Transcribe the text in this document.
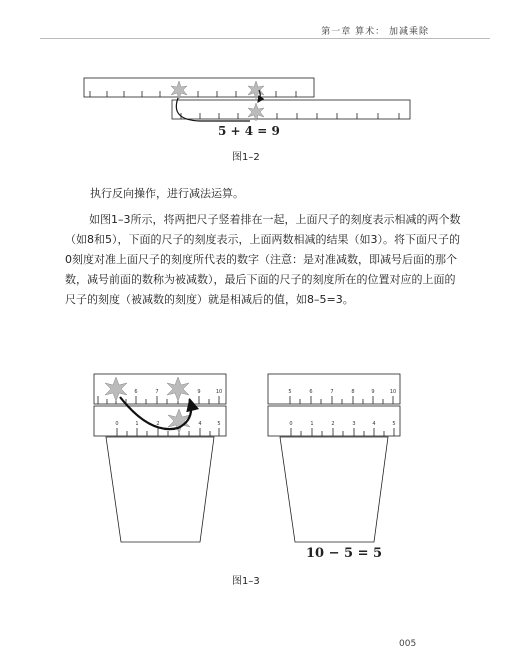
第一章 算术： 加减乘除
6	7	9	10
0	1	2	4	5
5	6	7	8	9	10
0	1	2	3	4	5
5 + 4 = 9
图1–2
执行反向操作，进行减法运算。
如图1–3所示，将两把尺子竖着排在一起，上面尺子的刻度表示相减的两个数（如8和5），下面的尺子的刻度表示，上面两数相减的结果（如3）。将下面尺子的0刻度对准上面尺子的刻度所代表的数字（注意：是对准减数，即减号后面的那个数，减号前面的数称为被减数），最后下面的尺子的刻度所在的位置对应的上面的尺子的刻度（被减数的刻度）就是相减后的值，如8–5=3。
10 − 5 = 5
图1–3
005
